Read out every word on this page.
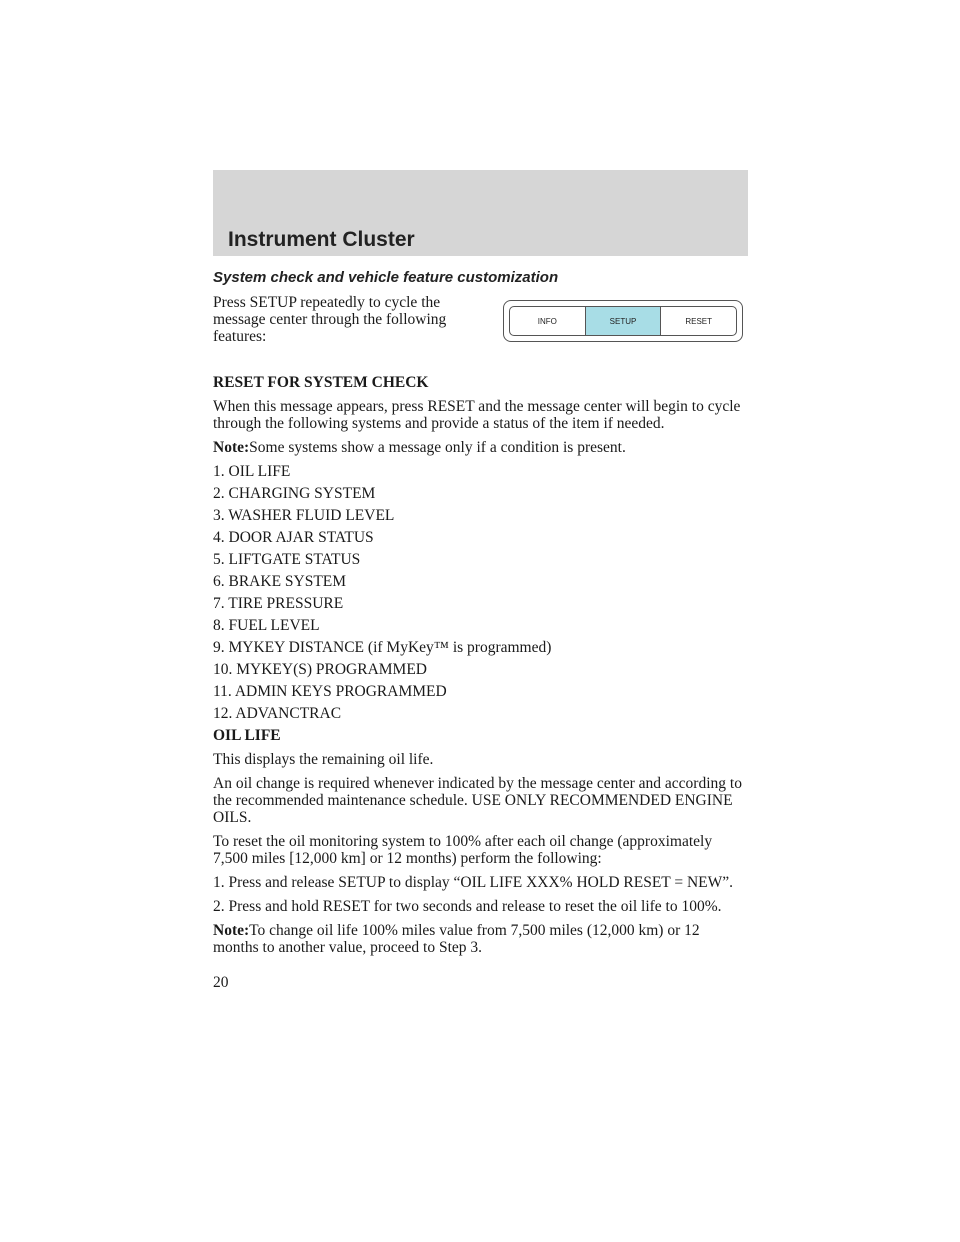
Instrument Cluster
System check and vehicle feature customization
Press SETUP repeatedly to cycle the message center through the following features:
INFO	SETUP	RESET

RESET FOR SYSTEM CHECK

When this message appears, press RESET and the message center will begin to cycle through the following systems and provide a status of the item if needed.

Note:Some systems show a message only if a condition is present.

1. OIL LIFE
2. CHARGING SYSTEM
3. WASHER FLUID LEVEL
4. DOOR AJAR STATUS
5. LIFTGATE STATUS
6. BRAKE SYSTEM
7. TIRE PRESSURE
8. FUEL LEVEL
9. MYKEY DISTANCE (if MyKey™ is programmed)
10. MYKEY(S) PROGRAMMED
11. ADMIN KEYS PROGRAMMED
12. ADVANCTRAC

OIL LIFE

This displays the remaining oil life.

An oil change is required whenever indicated by the message center and according to the recommended maintenance schedule. USE ONLY RECOMMENDED ENGINE OILS.

To reset the oil monitoring system to 100% after each oil change (approximately 7,500 miles [12,000 km] or 12 months) perform the following:

1. Press and release SETUP to display “OIL LIFE XXX% HOLD RESET = NEW”.

2. Press and hold RESET for two seconds and release to reset the oil life to 100%.

Note:To change oil life 100% miles value from 7,500 miles (12,000 km) or 12 months to another value, proceed to Step 3.

20
